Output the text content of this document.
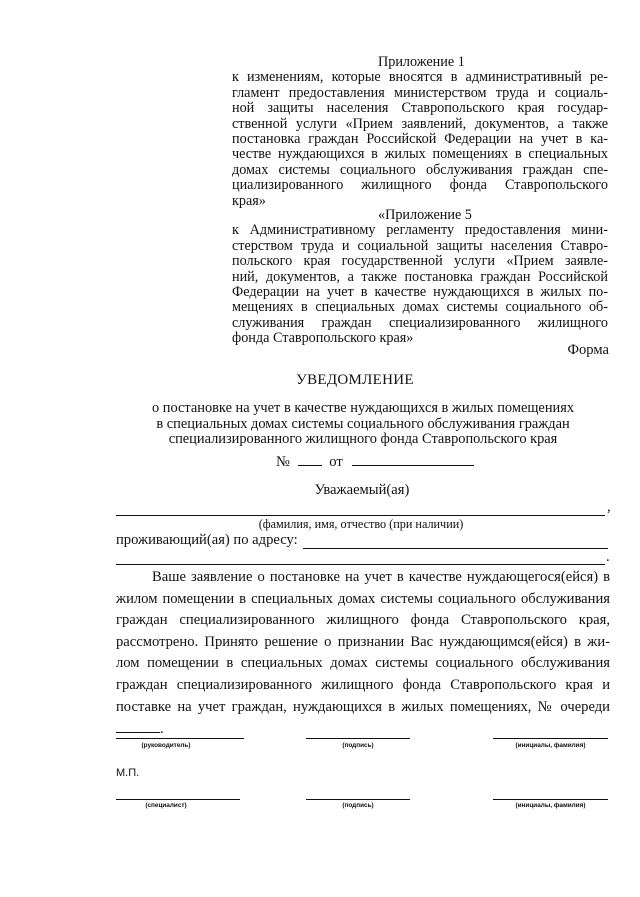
Приложение 1
к изменениям, которые вносятся в административный ре-
гламент предоставления министерством труда и социаль-
ной защиты населения Ставропольского края государ-
ственной услуги «Прием заявлений, документов, а также
постановка граждан Российской Федерации на учет в ка-
честве нуждающихся в жилых помещениях в специальных
домах системы социального обслуживания граждан спе-
циализированного жилищного фонда Ставропольского
края»
«Приложение 5
к Административному регламенту предоставления мини-
стерством труда и социальной защиты населения Ставро-
польского края государственной услуги «Прием заявле-
ний, документов, а также постановка граждан Российской
Федерации на учет в качестве нуждающихся в жилых по-
мещениях в специальных домах системы социального об-
служивания граждан специализированного жилищного
фонда Ставропольского края»
Форма
УВЕДОМЛЕНИЕ
о постановке на учет в качестве нуждающихся в жилых помещениях
в специальных домах системы социального обслуживания граждан
специализированного жилищного фонда Ставропольского края
№	от
Уважаемый(ая)
,
(фамилия, имя, отчество (при наличии)
проживающий(ая) по адресу:
.
Ваше заявление о постановке на учет в качестве нуждающегося(ейся) в
жилом помещении в специальных домах системы социального обслуживания
граждан специализированного жилищного фонда Ставропольского края,
рассмотрено. Принято решение о признании Вас нуждающимся(ейся) в жи-
лом помещении в специальных домах системы социального обслуживания
граждан специализированного жилищного фонда Ставропольского края и
поставке на учет граждан, нуждающихся в жилых помещениях, № очереди
.
(руководитель)	(подпись)	(инициалы, фамилия)
М.П.
(специалист)	(подпись)	(инициалы, фамилия)
